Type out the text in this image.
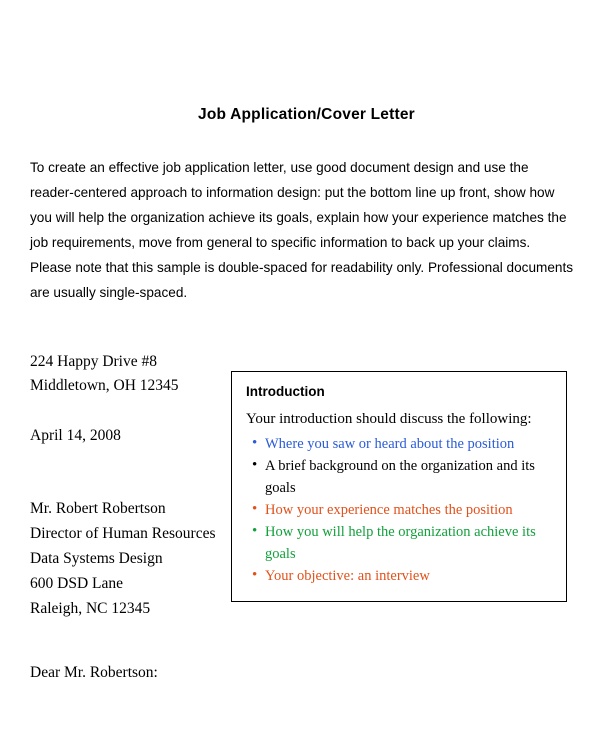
Job Application/Cover Letter
To create an effective job application letter, use good document design and use the reader-centered approach to information design: put the bottom line up front, show how you will help the organization achieve its goals, explain how your experience matches the job requirements, move from general to specific information to back up your claims. Please note that this sample is double-spaced for readability only. Professional documents are usually single-spaced.
224 Happy Drive #8
Middletown, OH 12345
April 14, 2008
Mr. Robert Robertson
Director of Human Resources
Data Systems Design
600 DSD Lane
Raleigh, NC 12345
Dear Mr. Robertson:
Introduction
Your introduction should discuss the following:
• Where you saw or heard about the position
• A brief background on the organization and its goals
• How your experience matches the position
• How you will help the organization achieve its goals
• Your objective: an interview
